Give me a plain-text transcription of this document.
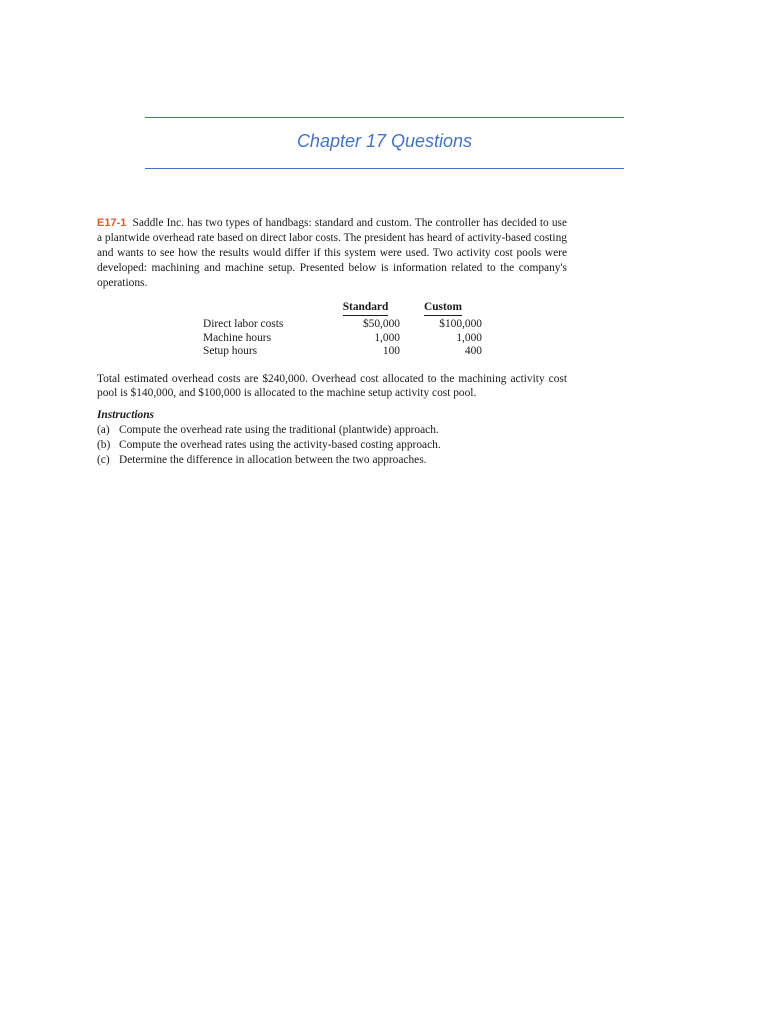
Chapter 17 Questions

E17-1 Saddle Inc. has two types of handbags: standard and custom. The controller has decided to use a plantwide overhead rate based on direct labor costs. The president has heard of activity-based costing and wants to see how the results would differ if this system were used. Two activity cost pools were developed: machining and machine setup. Presented below is information related to the company's operations.

	Standard	Custom
Direct labor costs	$50,000	$100,000
Machine hours	1,000	1,000
Setup hours	100	400

Total estimated overhead costs are $240,000. Overhead cost allocated to the machining activity cost pool is $140,000, and $100,000 is allocated to the machine setup activity cost pool.

Instructions

(a) Compute the overhead rate using the traditional (plantwide) approach.

(b) Compute the overhead rates using the activity-based costing approach.

(c) Determine the difference in allocation between the two approaches.
